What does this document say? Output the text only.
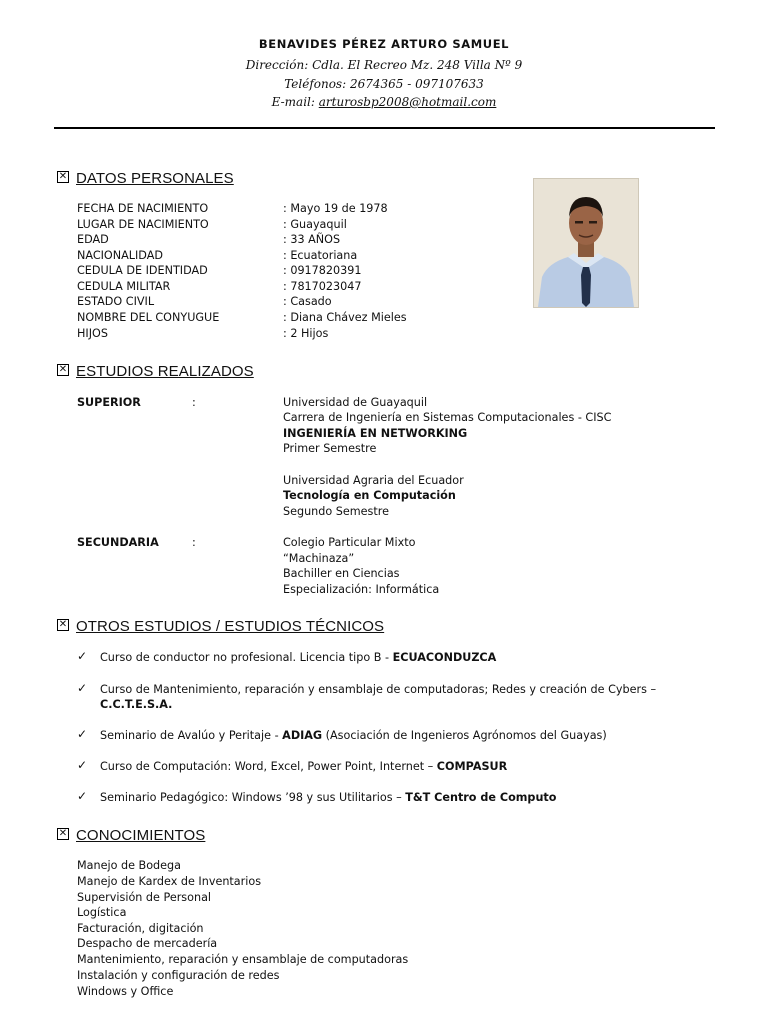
BENAVIDES PÉREZ ARTURO SAMUEL
Dirección: Cdla. El Recreo Mz. 248 Villa Nº 9
Teléfonos: 2674365 - 097107633
E-mail: arturosbp2008@hotmail.com
✕ DATOS PERSONALES
FECHA DE NACIMIENTO	: Mayo 19 de 1978
LUGAR DE NACIMIENTO	: Guayaquil
EDAD	: 33 AÑOS
NACIONALIDAD	: Ecuatoriana
CEDULA DE IDENTIDAD	: 0917820391
CEDULA MILITAR	: 7817023047
ESTADO CIVIL	: Casado
NOMBRE DEL CONYUGUE	: Diana Chávez Mieles
HIJOS	: 2 Hijos
✕ ESTUDIOS REALIZADOS
SUPERIOR	:	Universidad de Guayaquil
Carrera de Ingeniería en Sistemas Computacionales - CISC
INGENIERÍA EN NETWORKING
Primer Semestre
Universidad Agraria del Ecuador
Tecnología en Computación
Segundo Semestre
SECUNDARIA	:	Colegio Particular Mixto
“Machinaza”
Bachiller en Ciencias
Especialización: Informática
✕ OTROS ESTUDIOS / ESTUDIOS TÉCNICOS
✓ Curso de conductor no profesional. Licencia tipo B - ECUACONDUZCA
✓ Curso de Mantenimiento, reparación y ensamblaje de computadoras; Redes y creación de Cybers –
C.C.T.E.S.A.
✓ Seminario de Avalúo y Peritaje - ADIAG (Asociación de Ingenieros Agrónomos del Guayas)
✓ Curso de Computación: Word, Excel, Power Point, Internet – COMPASUR
✓ Seminario Pedagógico: Windows ’98 y sus Utilitarios – T&T Centro de Computo
✕ CONOCIMIENTOS
Manejo de Bodega
Manejo de Kardex de Inventarios
Supervisión de Personal
Logística
Facturación, digitación
Despacho de mercadería
Mantenimiento, reparación y ensamblaje de computadoras
Instalación y configuración de redes
Windows y Office
